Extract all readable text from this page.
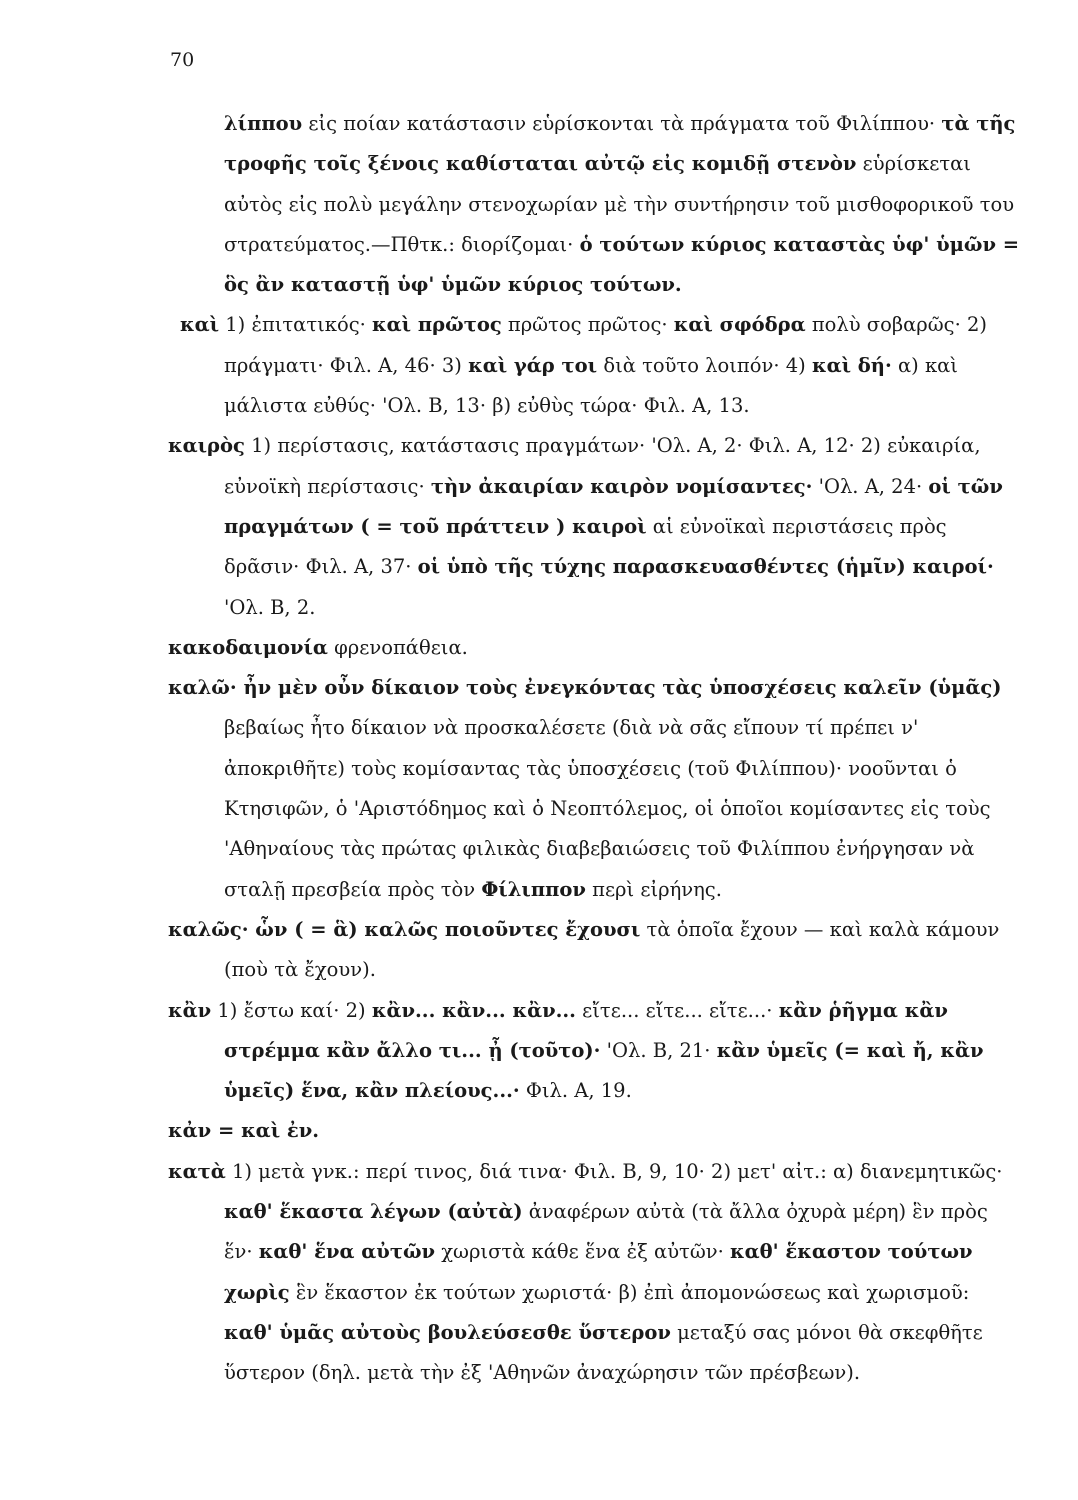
70

λίππου εἰς ποίαν κατάστασιν εὑρίσκονται τὰ πράγματα τοῦ Φιλίππου· τὰ τῆς τροφῆς τοῖς ξένοις καθίσταται αὐτῷ εἰς κομιδῇ στενὸν εὑρίσκεται αὐτὸς εἰς πολὺ μεγάλην στενοχωρίαν μὲ τὴν συντήρησιν τοῦ μισθοφορικοῦ του στρατεύματος.—Πθτκ.: διορίζομαι· ὁ τούτων κύριος καταστὰς ὑφ' ὑμῶν = ὃς ἂν καταστῇ ὑφ' ὑμῶν κύριος τούτων.

καὶ 1) ἐπιτατικός· καὶ πρῶτος πρῶτος πρῶτος· καὶ σφόδρα πολὺ σοβαρῶς· 2) πράγματι· Φιλ. Α, 46· 3) καὶ γάρ τοι διὰ τοῦτο λοιπόν· 4) καὶ δή· α) καὶ μάλιστα εὐθύς· 'Ολ. Β, 13· β) εὐθὺς τώρα· Φιλ. Α, 13.

καιρὸς 1) περίστασις, κατάστασις πραγμάτων· 'Ολ. Α, 2· Φιλ. Α, 12· 2) εὐκαιρία, εὐνοϊκὴ περίστασις· τὴν ἀκαιρίαν καιρὸν νομίσαντες· 'Ολ. Α, 24· οἱ τῶν πραγμάτων ( = τοῦ πράττειν ) καιροὶ αἱ εὐνοϊκαὶ περιστάσεις πρὸς δρᾶσιν· Φιλ. Α, 37· οἱ ὑπὸ τῆς τύχης παρασκευασθέντες (ἡμῖν) καιροί· 'Ολ. Β, 2.

κακοδαιμονία φρενοπάθεια.

καλῶ· ἦν μὲν οὖν δίκαιον τοὺς ἐνεγκόντας τὰς ὑποσχέσεις καλεῖν (ὑμᾶς) βεβαίως ἦτο δίκαιον νὰ προσκαλέσετε (διὰ νὰ σᾶς εἴπουν τί πρέπει ν' ἀποκριθῆτε) τοὺς κομίσαντας τὰς ὑποσχέσεις (τοῦ Φιλίππου)· νοοῦνται ὁ Κτησιφῶν, ὁ 'Αριστόδημος καὶ ὁ Νεοπτόλεμος, οἱ ὁποῖοι κομίσαντες εἰς τοὺς 'Αθηναίους τὰς πρώτας φιλικὰς διαβεβαιώσεις τοῦ Φιλίππου ἐνήργησαν νὰ σταλῇ πρεσβεία πρὸς τὸν Φίλιππον περὶ εἰρήνης.

καλῶς· ὧν ( = ἃ) καλῶς ποιοῦντες ἔχουσι τὰ ὁποῖα ἔχουν — καὶ καλὰ κάμουν (ποὺ τὰ ἔχουν).

κἂν 1) ἔστω καί· 2) κἂν... κἂν... κἂν... εἴτε... εἴτε... εἴτε...· κἂν ῥῆγμα κἂν στρέμμα κἂν ἄλλο τι... ᾖ (τοῦτο)· 'Ολ. Β, 21· κἂν ὑμεῖς (= καὶ ἤ, κἂν ὑμεῖς) ἕνα, κἂν πλείους...· Φιλ. Α, 19.

κἀν = καὶ ἐν.

κατὰ 1) μετὰ γνκ.: περί τινος, διά τινα· Φιλ. Β, 9, 10· 2) μετ' αἰτ.: α) διανεμητικῶς· καθ' ἕκαστα λέγων (αὐτὰ) ἀναφέρων αὐτὰ (τὰ ἄλλα ὀχυρὰ μέρη) ἓν πρὸς ἕν· καθ' ἕνα αὐτῶν χωριστὰ κάθε ἕνα ἐξ αὐτῶν· καθ' ἕκαστον τούτων χωρὶς ἓν ἕκαστον ἐκ τούτων χωριστά· β) ἐπὶ ἀπομονώσεως καὶ χωρισμοῦ: καθ' ὑμᾶς αὐτοὺς βουλεύσεσθε ὕστερον μεταξύ σας μόνοι θὰ σκεφθῆτε ὕστερον (δηλ. μετὰ τὴν ἐξ 'Αθηνῶν ἀναχώρησιν τῶν πρέσβεων).
